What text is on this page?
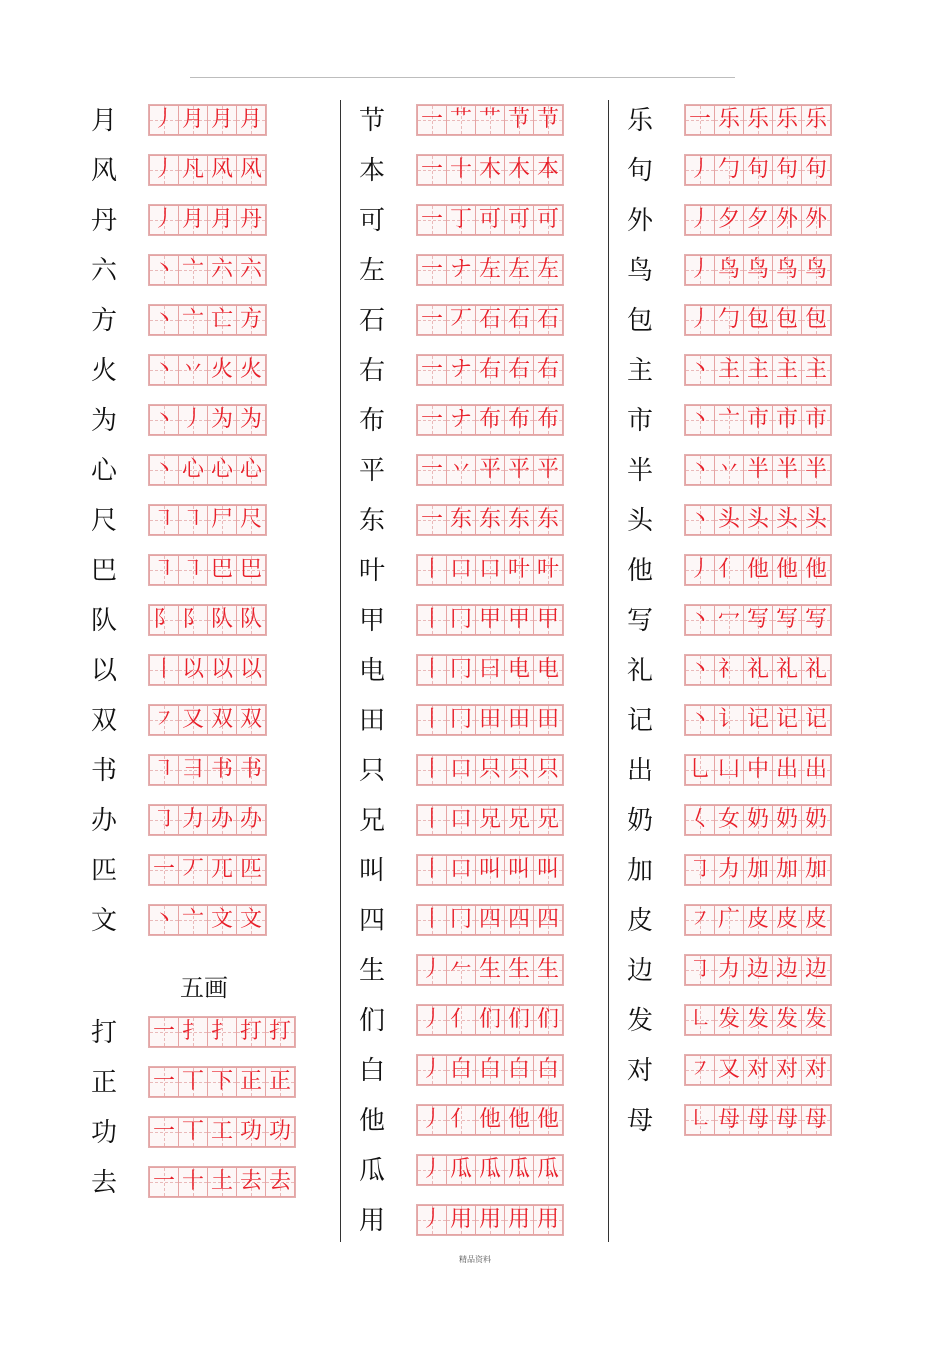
月 丿 月 月 月
风 丿 凡 风 风
丹 丿 月 月 丹
六 丶 亠 六 六
方 丶 亠 亡 方
火 丶 丷 火 火
为 丶 丿 为 为
心 丶 心 心 心
尺 ㇕ ㇕ 尸 尺
巴 ㇕ ㇕ 巴 巴
队 阝 阝 队 队
以 丨 以 以 以
双 ㇇ 又 双 双
书 ㇕ ⺕ 书 书
办 ㇆ 力 办 办
匹 一 丆 兀 匹
文 丶 亠 文 文
五画
打 一 扌 扌 打 打
正 一 丅 下 正 正
功 一 丅 工 功 功
去 一 十 土 去 去
节 一 艹 艹 节 节
本 一 十 木 木 本
可 一 丁 可 可 可
左 一 ナ 左 左 左
石 一 丆 石 石 石
右 一 ナ 右 右 右
布 一 ナ 布 布 布
平 一 丷 平 平 平
东 一 东 东 东 东
叶 丨 口 口 叶 叶
甲 丨 冂 甲 甲 甲
电 丨 冂 曰 电 电
田 丨 冂 田 田 田
只 丨 口 只 只 只
兄 丨 口 兄 兄 兄
叫 丨 口 叫 叫 叫
四 丨 冂 四 四 四
生 丿 𠂉 生 生 生
们 丿 亻 们 们 们
白 丿 白 白 白 白
他 丿 亻 他 他 他
瓜 丿 瓜 瓜 瓜 瓜
用 丿 用 用 用 用
乐 一 乐 乐 乐 乐
句 丿 勹 句 句 句
外 丿 夕 夕 外 外
鸟 丿 鸟 鸟 鸟 鸟
包 丿 勹 包 包 包
主 丶 主 主 主 主
市 丶 亠 市 市 市
半 丶 丷 半 半 半
头 丶 头 头 头 头
他 丿 亻 他 他 他
写 丶 冖 写 写 写
礼 丶 礻 礼 礼 礼
记 丶 讠 记 记 记
出 乚 凵 中 出 出
奶 𡿨 女 奶 奶 奶
加 ㇆ 力 加 加 加
皮 ㇇ 广 皮 皮 皮
边 ㇆ 力 边 边 边
发 ㇗ 发 发 发 发
对 ㇇ 又 对 对 对
母 ㇗ 母 母 母 母
精品资料
